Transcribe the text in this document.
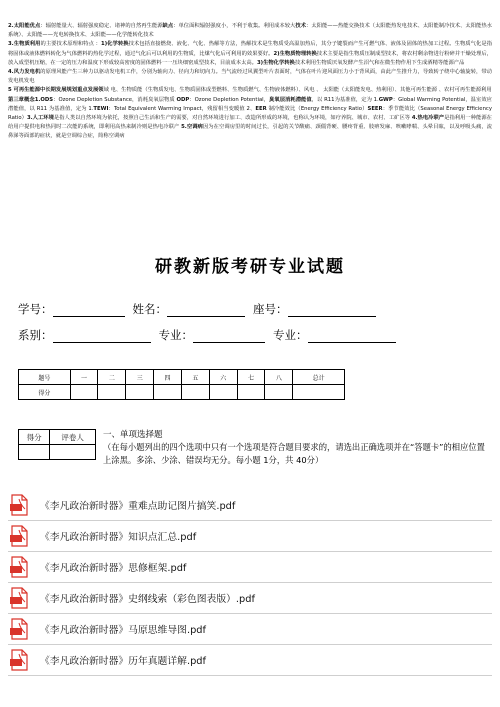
2.太阳能优点：辐射能量大、辐射强度稳定、诸神的自然再生能源缺点：单位面积辐射强度小，不利于收集。利用成本较大技术：太阳能——热能交换技术（太阳能热发电技术、太阳能制冷技术、太阳能热水系统）、太阳能——光电转换技术、太阳能——化学能转化技术

3.生物质利用的主要技术原理和特点 ：1)化学转换技术包括直接燃烧、液化、气化、热解等方法，热解技术是生物质受高温加热后，其分子键裂而产生可燃气体、液体及固体的热加工过程。生物质气化是指将固体或液体燃料转化为气体燃料的热化学过程，通过气化后可以利用的生物质，比煤气化后可利用的效果要好。2)生物质物理转换技术主要是指生物质压制成型技术，将农村剩余物进行粉碎并干燥处理后，放入成型机压缩，在一定的压力和温度下形成较高密度的固体燃料一一压块细密成型技术，目前成本太高。3)生物化学转换技术利用生物质厌氧发酵产生沼气和在微生物作用下生成酒精等能源产品

4.风力发电机的原理风能产生三种力以驱动发电机工作，分别为轴向力、径向力和切向力。当气流经过风翼型叶片表面时，气体在叶片迎风面压力小于背风面，由此产生推升力，导致转子绕中心轴旋转，带动发电机发电

5 可再生能源中长期发展规划重点发展领域 电、生物质能（生物质发电、生物质固体成型燃料、生物质燃气、生物液体燃料）、风电 、 太阳能（太阳能发电、热利用）、其他可再生能源 、农村可再生能源利用

第三章概念1.ODS：Ozone Depletion Substance，消耗臭氧层物质 ODP：Ozone Depletion Potential，臭氧层消耗潜能值，以 R11为基准值，定为 1.GWP：Global Warming Potential，温室效应潜能值，以 R11 为基准值，定为 1.TEWI：Total Equivalent Warming Impact，残留相当变暖值 2、EER 制冷能效比（Energy Efficiency Ratio）SEER：季节能效比（Seasonal Energy Efficiency Ratio）3.人工环境是指人类以自然环境为依托，按照自己生活和生产的需要，对自然环境进行加工、改造所形成的环境，也称认为环境，如疗养院、城市、农村、工矿区等 4.热电冷联产是指利用一种能源在给用户提供电和热同时二次能的系统，即利用高热来制冷则是热电冷联产 5.空调病因为在空调房里的时间过长，引起的关节酸痛、颈僵背硬、腰疼背重、肢痹发麻、咳嗽哮喘、头晕目眩，以及呼吸头痛，流鼻涕等面部的症状，就是空调综合症，简称空调病

研教新版考研专业试题
学号：	姓名：	座号：
系别：	专业：	专业：
题号	一	二	三	四	五	六	七	八	总计
得分									
得分	评卷人
	一、单项选择题
（在每小题列出的四个选项中只有一个选项是符合题目要求的，请选出正确选项并在“答题卡”的相应位置上涂黑。多涂、少涂、错误均无分。每小题 1分，共 40分）
《李凡政治新时器》重难点助记图片搞笑.pdf
《李凡政治新时器》知识点汇总.pdf
《李凡政治新时器》思修框架.pdf
《李凡政治新时器》史纲线索（彩色图表版）.pdf
《李凡政治新时器》马原思维导图.pdf
《李凡政治新时器》历年真题详解.pdf
